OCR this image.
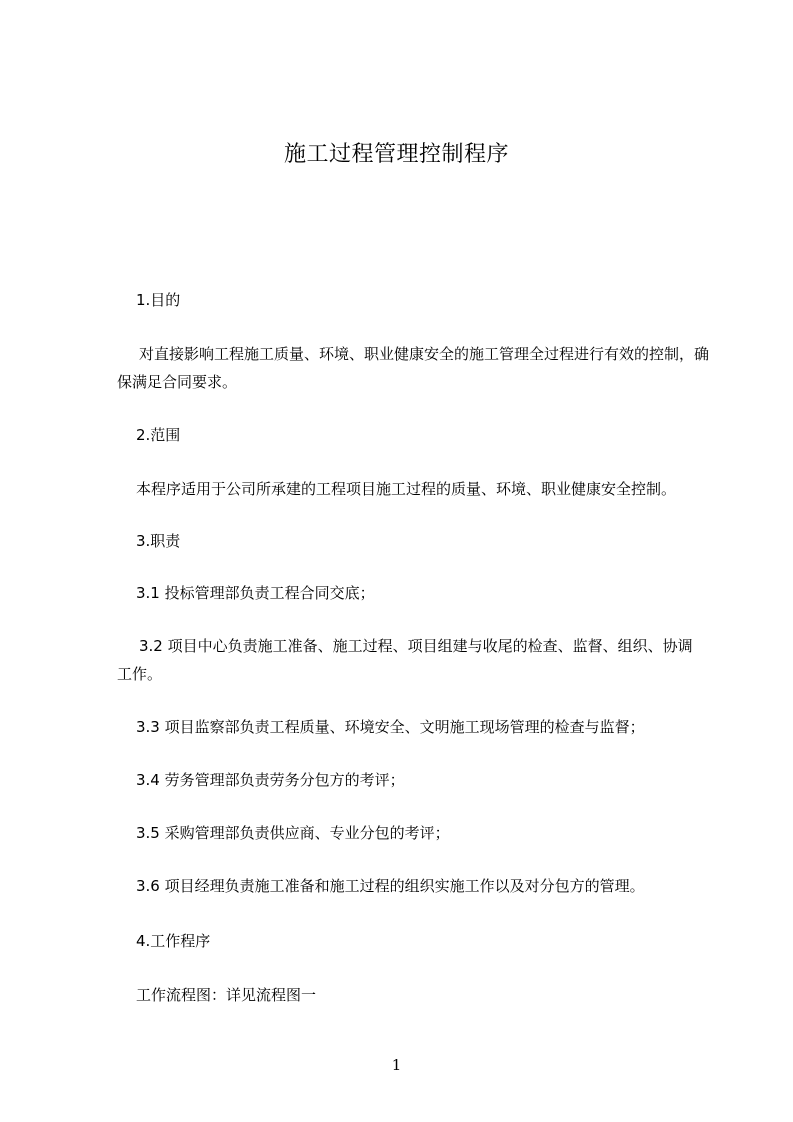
施工过程管理控制程序
1.目的
对直接影响工程施工质量、环境、职业健康安全的施工管理全过程进行有效的控制，确保满足合同要求。
2.范围
本程序适用于公司所承建的工程项目施工过程的质量、环境、职业健康安全控制。
3.职责
3.1 投标管理部负责工程合同交底；
3.2 项目中心负责施工准备、施工过程、项目组建与收尾的检查、监督、组织、协调工作。
3.3 项目监察部负责工程质量、环境安全、文明施工现场管理的检查与监督；
3.4 劳务管理部负责劳务分包方的考评；
3.5 采购管理部负责供应商、专业分包的考评；
3.6 项目经理负责施工准备和施工过程的组织实施工作以及对分包方的管理。
4.工作程序
工作流程图：详见流程图一
1
